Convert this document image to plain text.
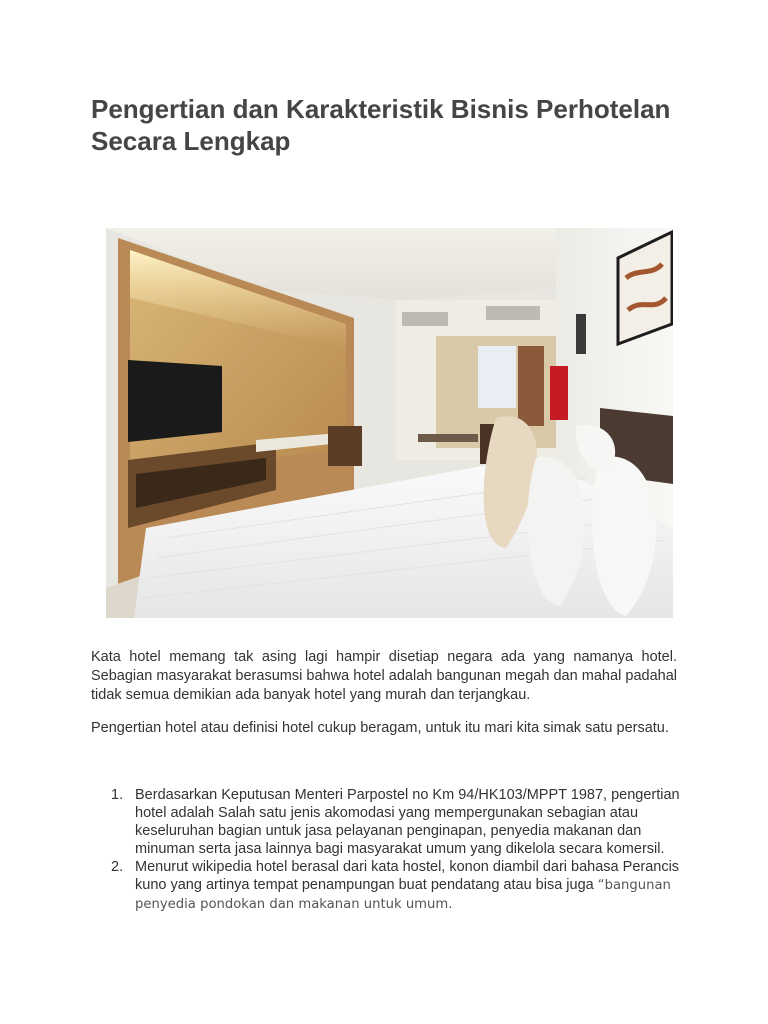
Pengertian dan Karakteristik Bisnis Perhotelan Secara Lengkap

Kata hotel memang tak asing lagi hampir disetiap negara ada yang namanya hotel. Sebagian masyarakat berasumsi bahwa hotel adalah bangunan megah dan mahal padahal tidak semua demikian ada banyak hotel yang murah dan terjangkau.

Pengertian hotel atau definisi hotel cukup beragam, untuk itu mari kita simak satu persatu.

1. Berdasarkan Keputusan Menteri Parpostel no Km 94/HK103/MPPT 1987, pengertian hotel adalah Salah satu jenis akomodasi yang mempergunakan sebagian atau keseluruhan bagian untuk jasa pelayanan penginapan, penyedia makanan dan minuman serta jasa lainnya bagi masyarakat umum yang dikelola secara komersil.
2. Menurut wikipedia hotel berasal dari kata hostel, konon diambil dari bahasa Perancis kuno yang artinya tempat penampungan buat pendatang atau bisa juga “bangunan penyedia pondokan dan makanan untuk umum.
